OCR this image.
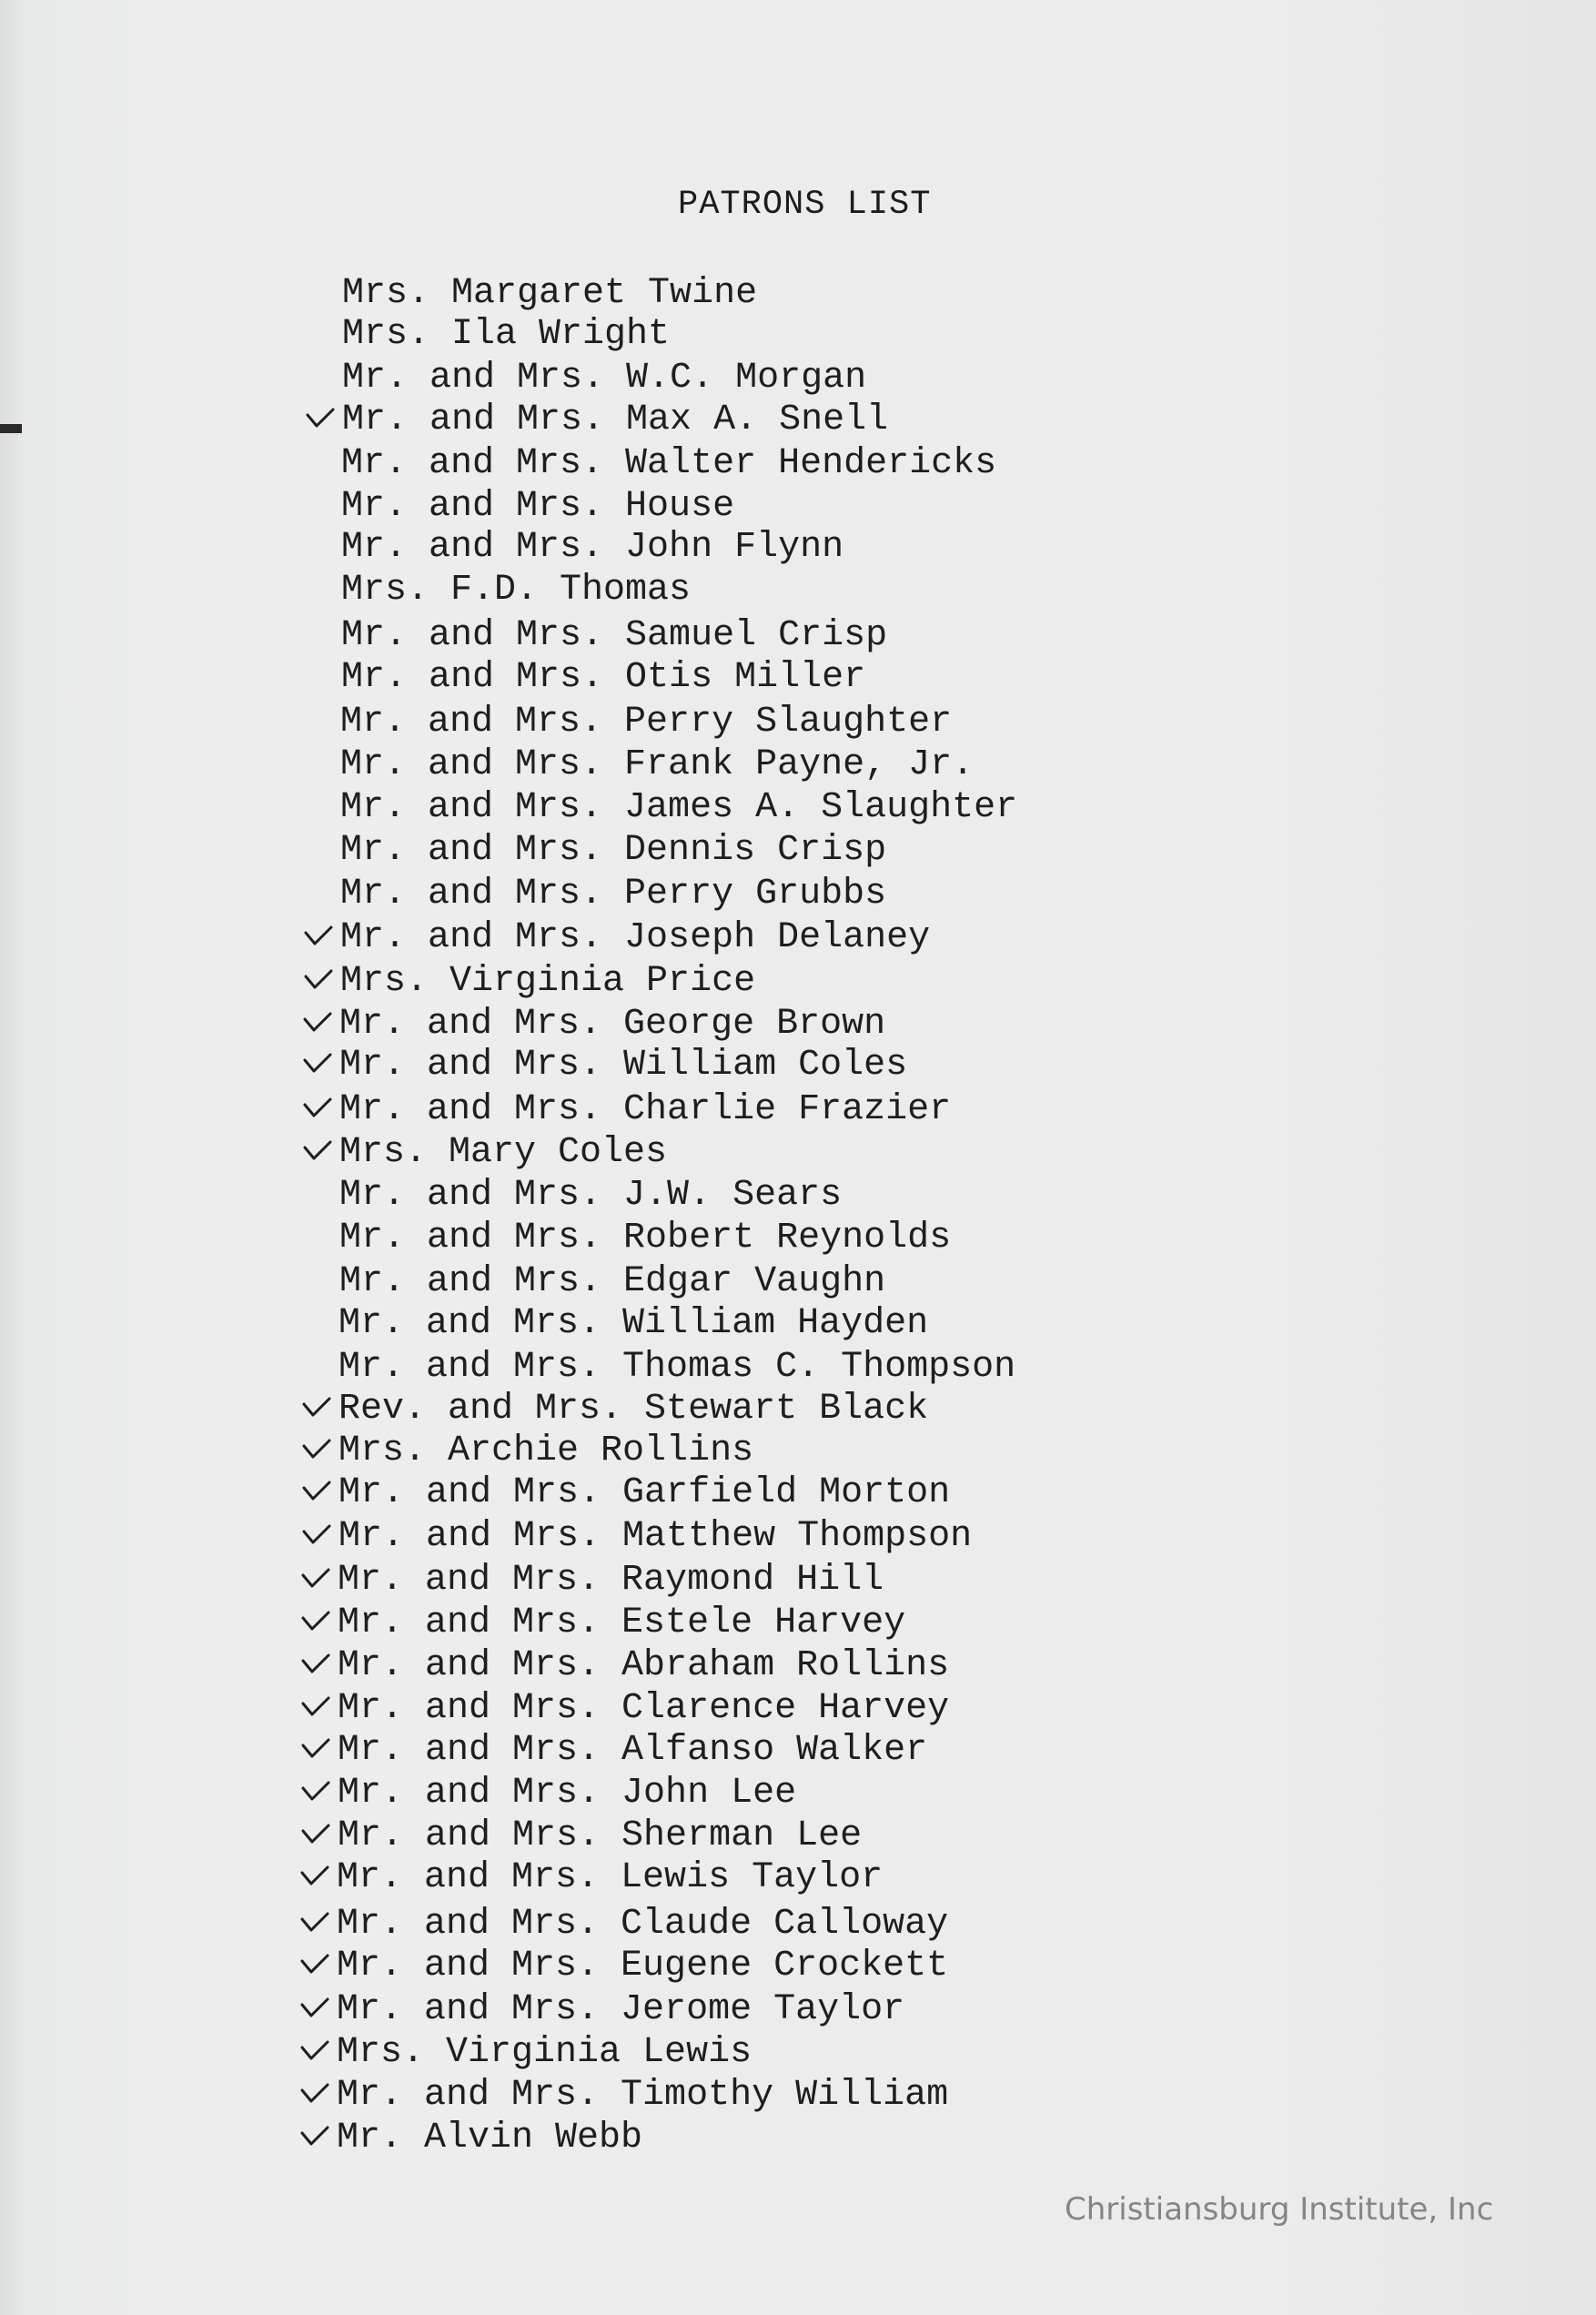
PATRONS LIST
Mrs. Margaret Twine
Mrs. Ila Wright
Mr. and Mrs. W.C. Morgan
Mr. and Mrs. Max A. Snell
Mr. and Mrs. Walter Hendericks
Mr. and Mrs. House
Mr. and Mrs. John Flynn
Mrs. F.D. Thomas
Mr. and Mrs. Samuel Crisp
Mr. and Mrs. Otis Miller
Mr. and Mrs. Perry Slaughter
Mr. and Mrs. Frank Payne, Jr.
Mr. and Mrs. James A. Slaughter
Mr. and Mrs. Dennis Crisp
Mr. and Mrs. Perry Grubbs
Mr. and Mrs. Joseph Delaney
Mrs. Virginia Price
Mr. and Mrs. George Brown
Mr. and Mrs. William Coles
Mr. and Mrs. Charlie Frazier
Mrs. Mary Coles
Mr. and Mrs. J.W. Sears
Mr. and Mrs. Robert Reynolds
Mr. and Mrs. Edgar Vaughn
Mr. and Mrs. William Hayden
Mr. and Mrs. Thomas C. Thompson
Rev. and Mrs. Stewart Black
Mrs. Archie Rollins
Mr. and Mrs. Garfield Morton
Mr. and Mrs. Matthew Thompson
Mr. and Mrs. Raymond Hill
Mr. and Mrs. Estele Harvey
Mr. and Mrs. Abraham Rollins
Mr. and Mrs. Clarence Harvey
Mr. and Mrs. Alfanso Walker
Mr. and Mrs. John Lee
Mr. and Mrs. Sherman Lee
Mr. and Mrs. Lewis Taylor
Mr. and Mrs. Claude Calloway
Mr. and Mrs. Eugene Crockett
Mr. and Mrs. Jerome Taylor
Mrs. Virginia Lewis
Mr. and Mrs. Timothy William
Mr. Alvin Webb
Christiansburg Institute, Inc
